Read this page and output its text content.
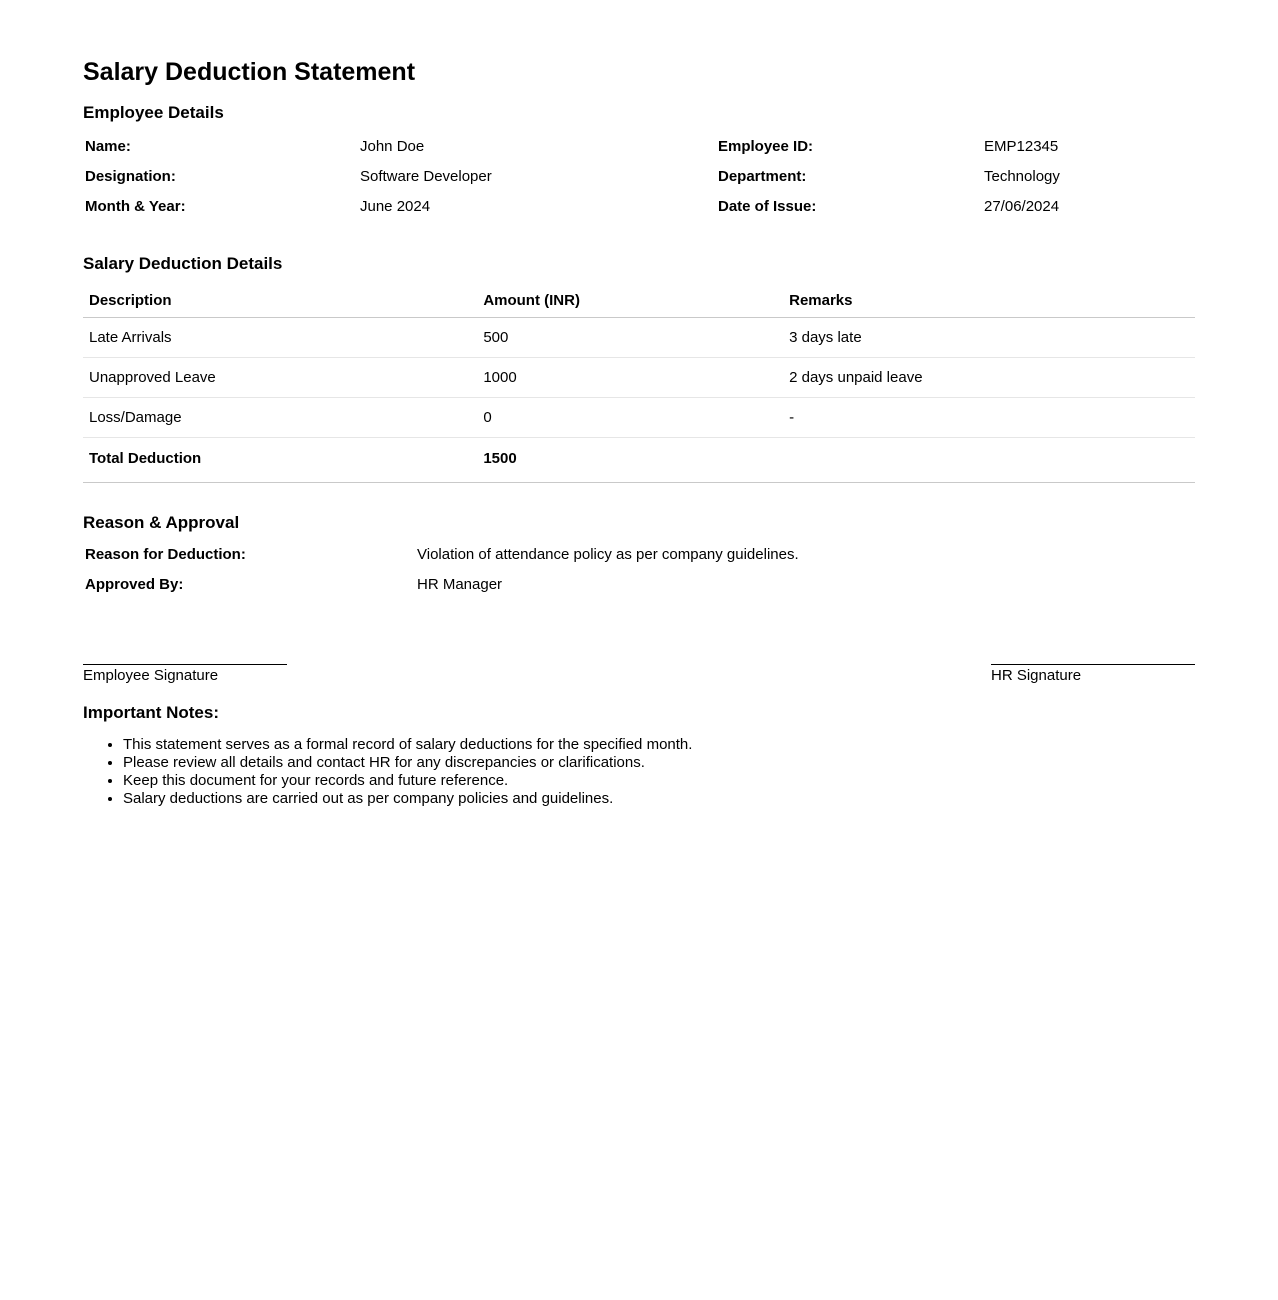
Salary Deduction Statement
Employee Details
Name:	John Doe	Employee ID:	EMP12345
Designation:	Software Developer	Department:	Technology
Month & Year:	June 2024	Date of Issue:	27/06/2024
Salary Deduction Details
Description	Amount (INR)	Remarks
Late Arrivals	500	3 days late
Unapproved Leave	1000	2 days unpaid leave
Loss/Damage	0	-
Total Deduction	1500	
Reason & Approval
Reason for Deduction:	Violation of attendance policy as per company guidelines.
Approved By:	HR Manager
Employee Signature	HR Signature
Important Notes:
• This statement serves as a formal record of salary deductions for the specified month.
• Please review all details and contact HR for any discrepancies or clarifications.
• Keep this document for your records and future reference.
• Salary deductions are carried out as per company policies and guidelines.
